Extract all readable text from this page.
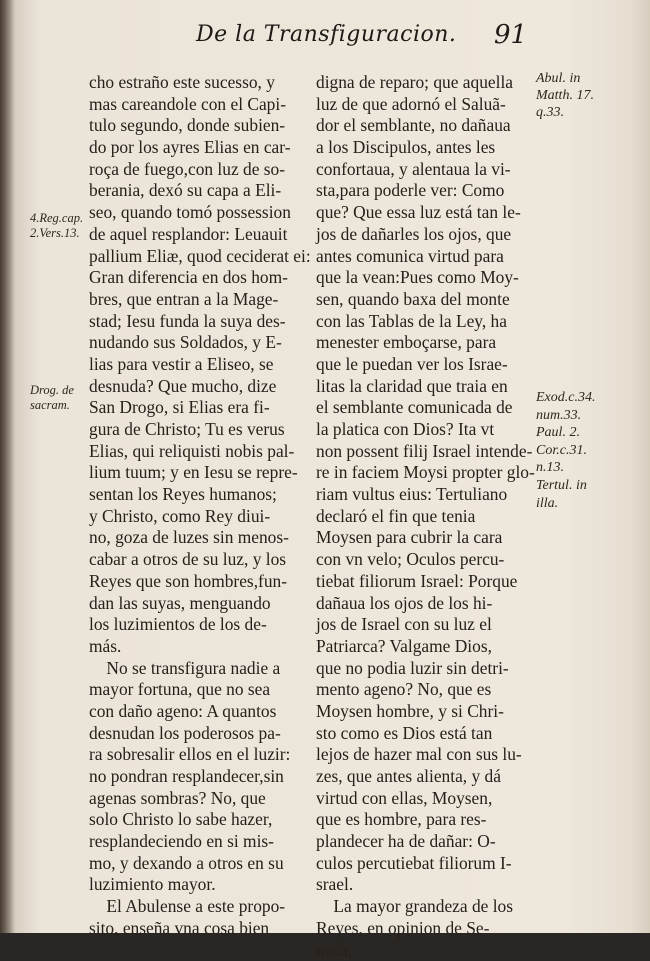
De la Transfiguracion. 91

cho estraño este sucesso, y
mas careandole con el Capi-
tulo segundo, donde subien-
do por los ayres Elias en car-
roça de fuego,con luz de so-
berania, dexó su capa a Eli-
seo, quando tomó possession
de aquel resplandor: Leuauit
pallium Eliæ, quod ceciderat ei:
Gran diferencia en dos hom-
bres, que entran a la Mage-
stad; Iesu funda la suya des-
nudando sus Soldados, y E-
lias para vestir a Eliseo, se
desnuda? Que mucho, dize
San Drogo, si Elias era fi-
gura de Christo; Tu es verus
Elias, qui reliquisti nobis pal-
lium tuum; y en Iesu se repre-
sentan los Reyes humanos;
y Christo, como Rey diui-
no, goza de luzes sin menos-
cabar a otros de su luz, y los
Reyes que son hombres,fun-
dan las suyas, menguando
los luzimientos de los de-
más.
No se transfigura nadie a
mayor fortuna, que no sea
con daño ageno: A quantos
desnudan los poderosos pa-
ra sobresalir ellos en el luzir:
no pondran resplandecer,sin
agenas sombras? No, que
solo Christo lo sabe hazer,
resplandeciendo en si mis-
mo, y dexando a otros en su
luzimiento mayor.
El Abulense a este propo-
sito, enseña vna cosa bien
digna de reparo; que aquella
luz de que adornó el Saluã-
dor el semblante, no dañaua
a los Discipulos, antes les
confortaua, y alentaua la vi-
sta,para poderle ver: Como
que? Que essa luz está tan le-
jos de dañarles los ojos, que
antes comunica virtud para
que la vean:Pues como Moy-
sen, quando baxa del monte
con las Tablas de la Ley, ha
menester emboçarse, para
que le puedan ver los Israe-
litas la claridad que traia en
el semblante comunicada de
la platica con Dios? Ita vt
non possent filij Israel intende-
re in faciem Moysi propter glo-
riam vultus eius: Tertuliano
declaró el fin que tenia
Moysen para cubrir la cara
con vn velo; Oculos percu-
tiebat filiorum Israel: Porque
dañaua los ojos de los hi-
jos de Israel con su luz el
Patriarca? Valgame Dios,
que no podia luzir sin detri-
mento ageno? No, que es
Moysen hombre, y si Chri-
sto como es Dios está tan
lejos de hazer mal con sus lu-
zes, que antes alienta, y dá
virtud con ellas, Moysen,
que es hombre, para res-
plandecer ha de dañar: O-
culos percutiebat filiorum I-
srael.
La mayor grandeza de los
Reyes, en opinion de Se-
neca,
4.Reg.cap.
2.Vers.13.
Drog. de
sacram.
Abul. in
Matth. 17.
q.33.
Exod.c.34.
num.33.
Paul. 2.
Cor.c.31.
n.13.
Tertul. in
illa.
